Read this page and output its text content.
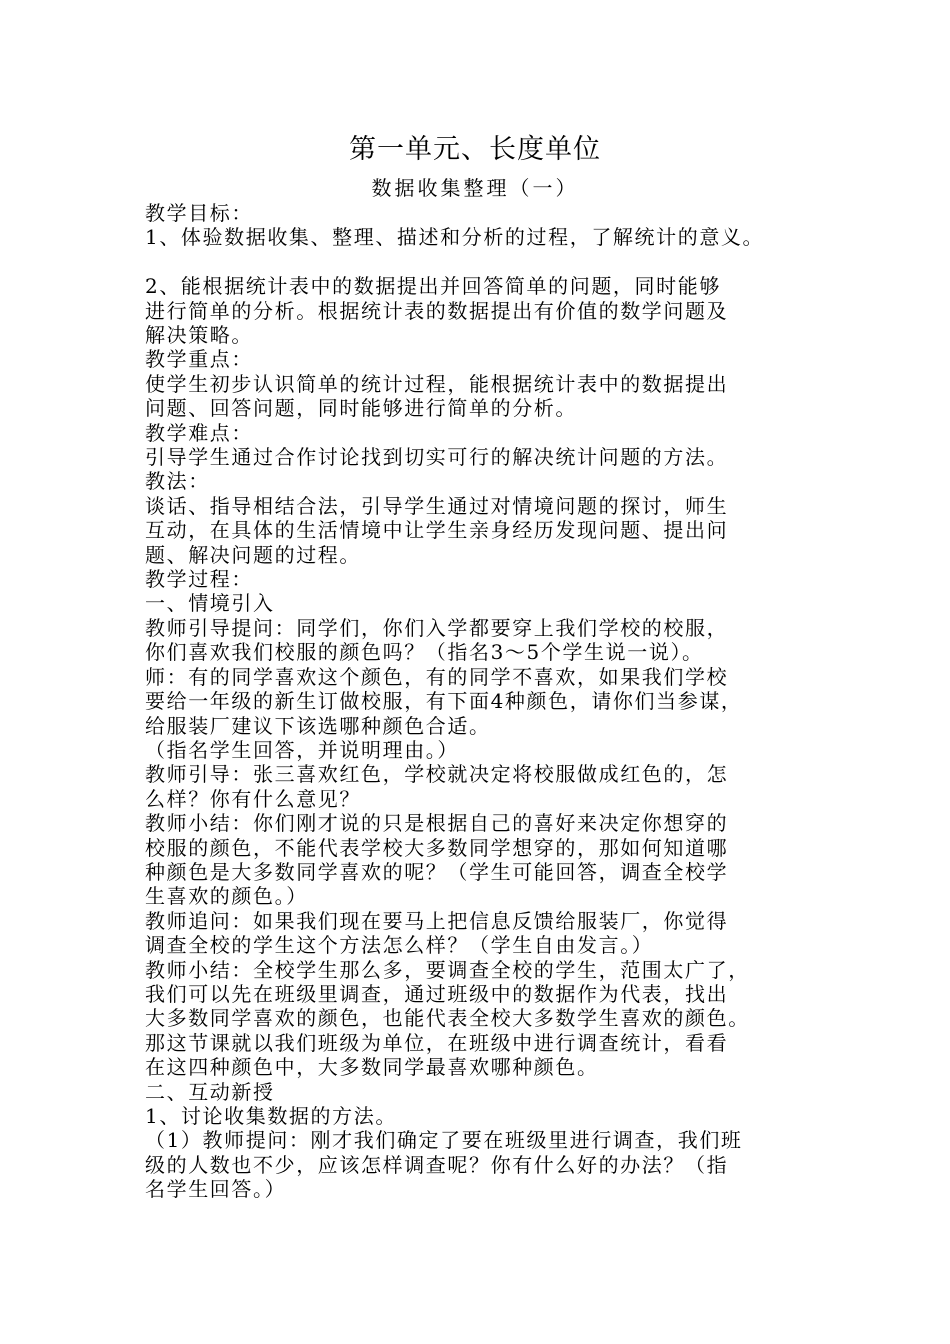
第一单元、长度单位
数据收集整理（一）
教学目标：
1、体验数据收集、整理、描述和分析的过程，了解统计的意义。
2、能根据统计表中的数据提出并回答简单的问题，同时能够
进行简单的分析。根据统计表的数据提出有价值的数学问题及
解决策略。
教学重点：
使学生初步认识简单的统计过程，能根据统计表中的数据提出
问题、回答问题，同时能够进行简单的分析。
教学难点：
引导学生通过合作讨论找到切实可行的解决统计问题的方法。
教法：
谈话、指导相结合法，引导学生通过对情境问题的探讨，师生
互动，在具体的生活情境中让学生亲身经历发现问题、提出问
题、解决问题的过程。
教学过程：
一、情境引入
教师引导提问：同学们，你们入学都要穿上我们学校的校服，
你们喜欢我们校服的颜色吗？（指名3～5个学生说一说）。
师：有的同学喜欢这个颜色，有的同学不喜欢，如果我们学校
要给一年级的新生订做校服，有下面4种颜色，请你们当参谋，
给服装厂建议下该选哪种颜色合适。
（指名学生回答，并说明理由。）
教师引导：张三喜欢红色，学校就决定将校服做成红色的，怎
么样？你有什么意见？
教师小结：你们刚才说的只是根据自己的喜好来决定你想穿的
校服的颜色，不能代表学校大多数同学想穿的，那如何知道哪
种颜色是大多数同学喜欢的呢？（学生可能回答，调查全校学
生喜欢的颜色。）
教师追问：如果我们现在要马上把信息反馈给服装厂，你觉得
调查全校的学生这个方法怎么样？（学生自由发言。）
教师小结：全校学生那么多，要调查全校的学生，范围太广了，
我们可以先在班级里调查，通过班级中的数据作为代表，找出
大多数同学喜欢的颜色，也能代表全校大多数学生喜欢的颜色。
那这节课就以我们班级为单位，在班级中进行调查统计，看看
在这四种颜色中，大多数同学最喜欢哪种颜色。
二、互动新授
1、讨论收集数据的方法。
（1）教师提问：刚才我们确定了要在班级里进行调查，我们班
级的人数也不少，应该怎样调查呢？你有什么好的办法？（指
名学生回答。）
